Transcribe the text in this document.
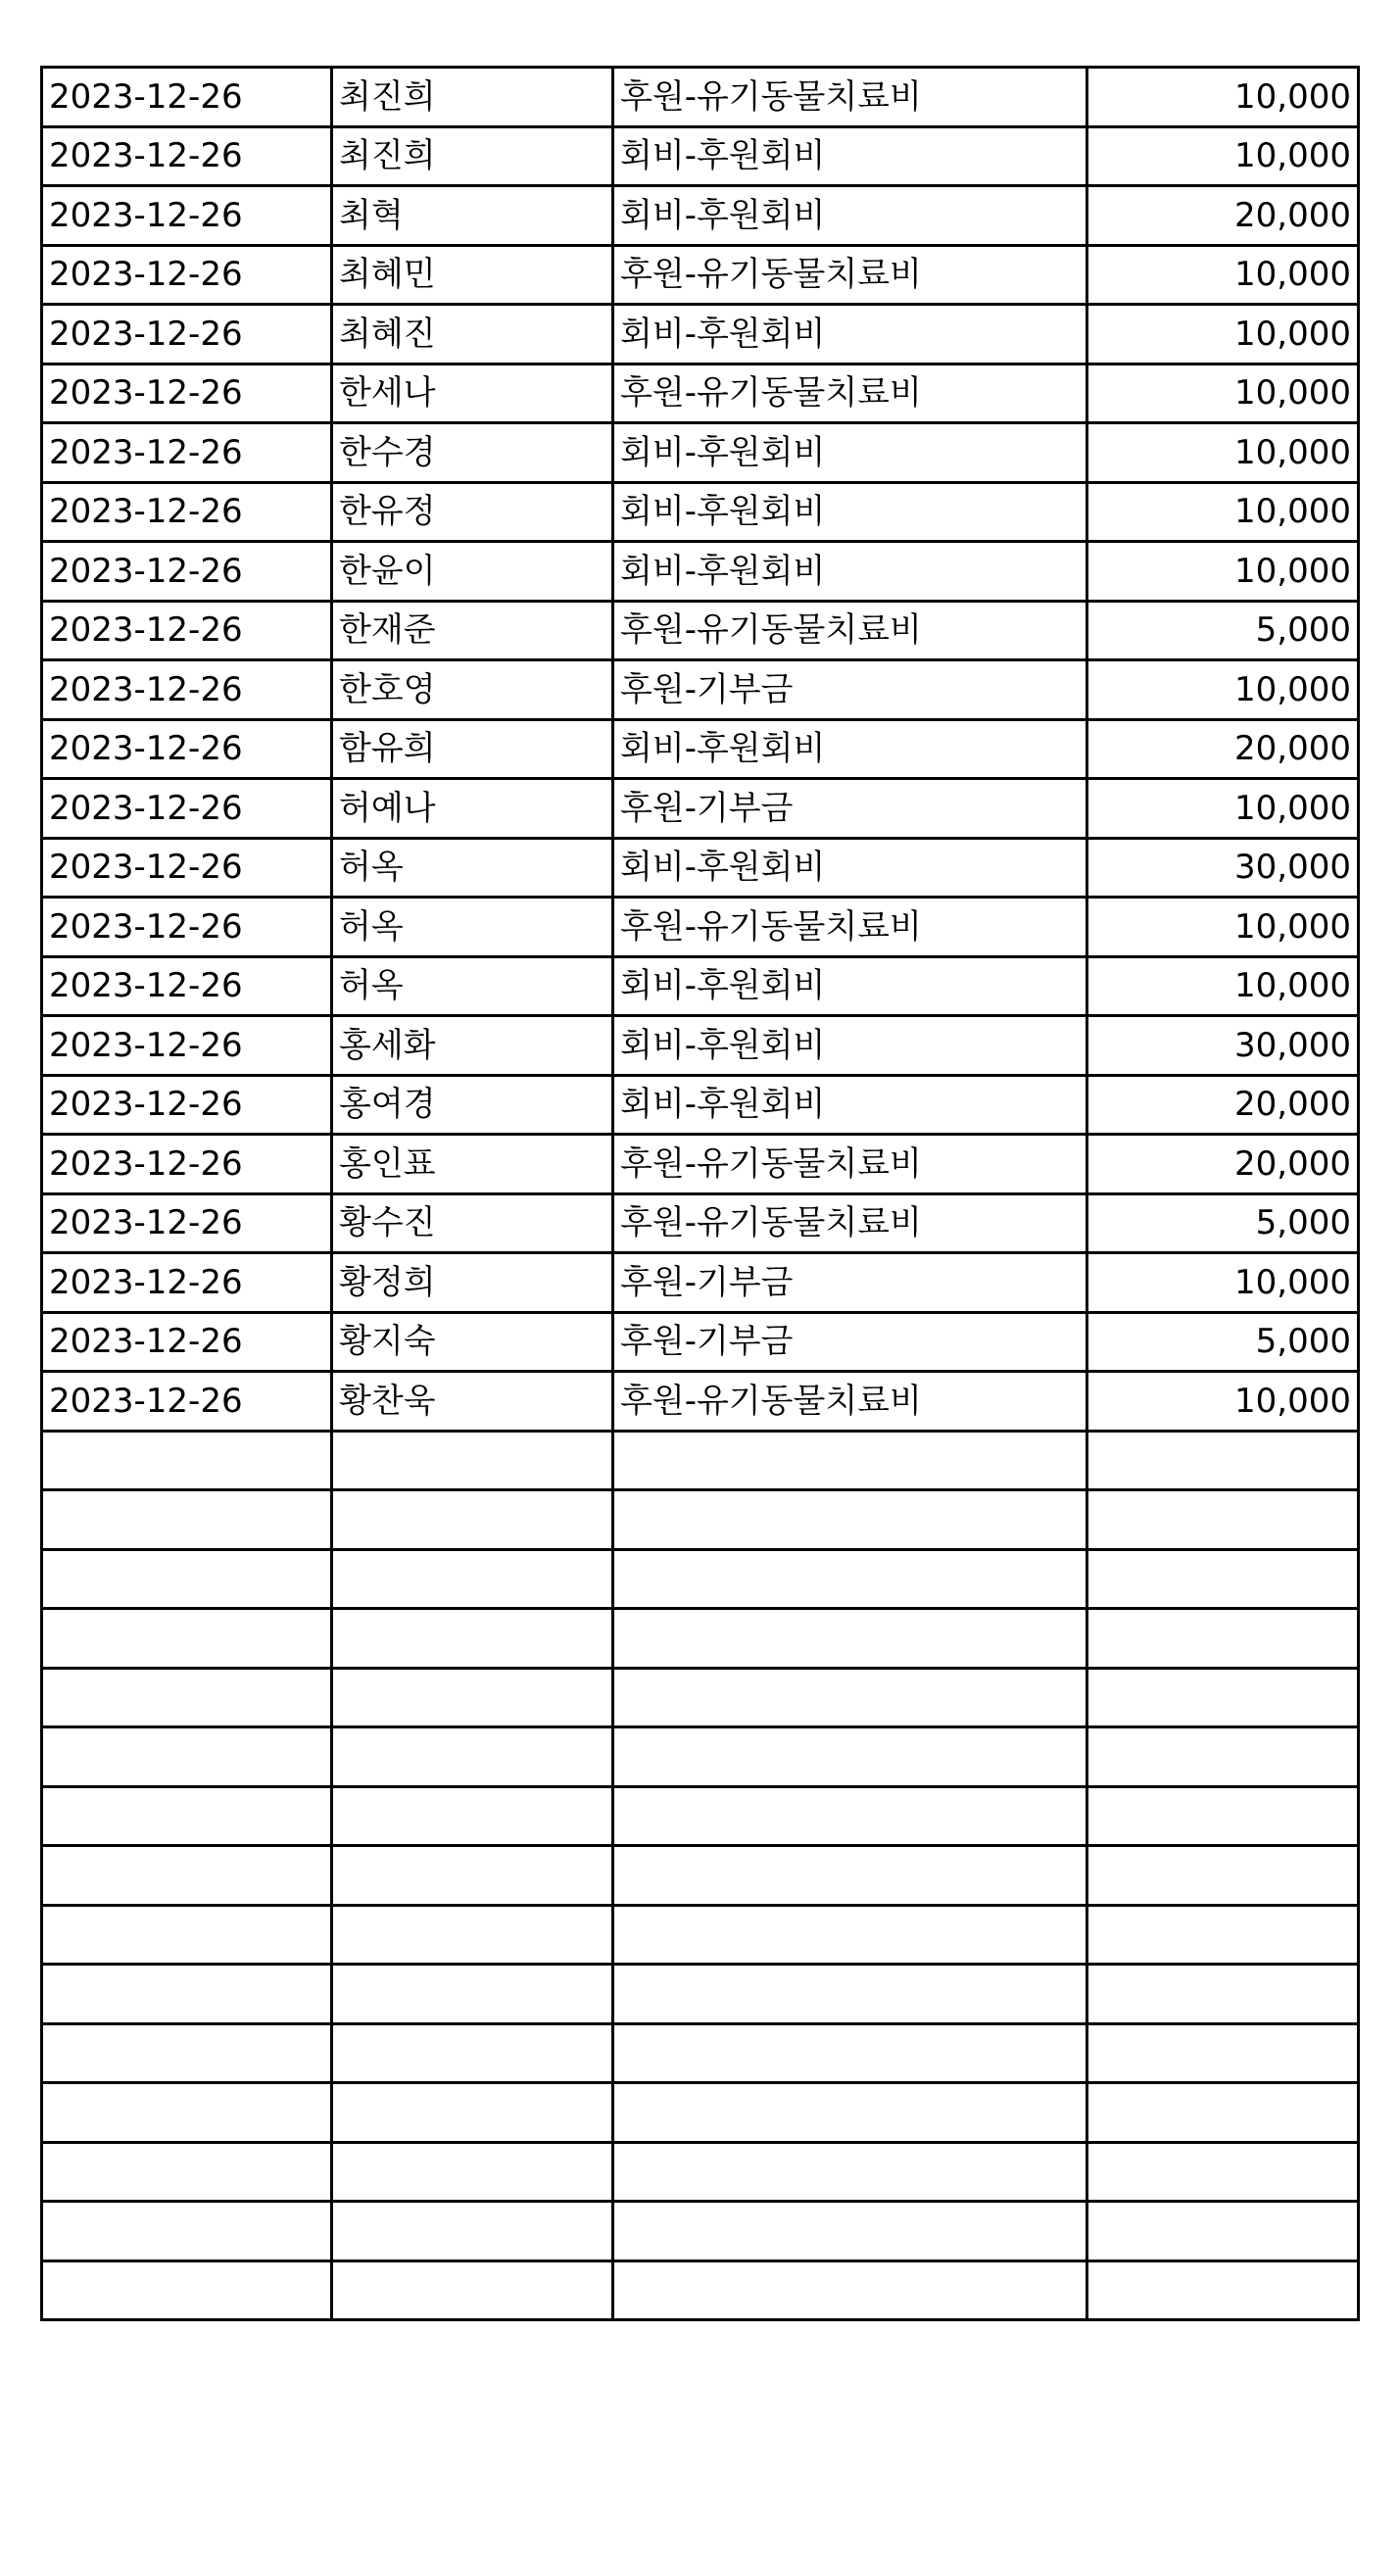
2023-12-26	최진희	후원-유기동물치료비	10,000
2023-12-26	최진희	회비-후원회비	10,000
2023-12-26	최혁	회비-후원회비	20,000
2023-12-26	최혜민	후원-유기동물치료비	10,000
2023-12-26	최혜진	회비-후원회비	10,000
2023-12-26	한세나	후원-유기동물치료비	10,000
2023-12-26	한수경	회비-후원회비	10,000
2023-12-26	한유정	회비-후원회비	10,000
2023-12-26	한윤이	회비-후원회비	10,000
2023-12-26	한재준	후원-유기동물치료비	5,000
2023-12-26	한호영	후원-기부금	10,000
2023-12-26	함유희	회비-후원회비	20,000
2023-12-26	허예나	후원-기부금	10,000
2023-12-26	허옥	회비-후원회비	30,000
2023-12-26	허옥	후원-유기동물치료비	10,000
2023-12-26	허옥	회비-후원회비	10,000
2023-12-26	홍세화	회비-후원회비	30,000
2023-12-26	홍여경	회비-후원회비	20,000
2023-12-26	홍인표	후원-유기동물치료비	20,000
2023-12-26	황수진	후원-유기동물치료비	5,000
2023-12-26	황정희	후원-기부금	10,000
2023-12-26	황지숙	후원-기부금	5,000
2023-12-26	황찬욱	후원-유기동물치료비	10,000
